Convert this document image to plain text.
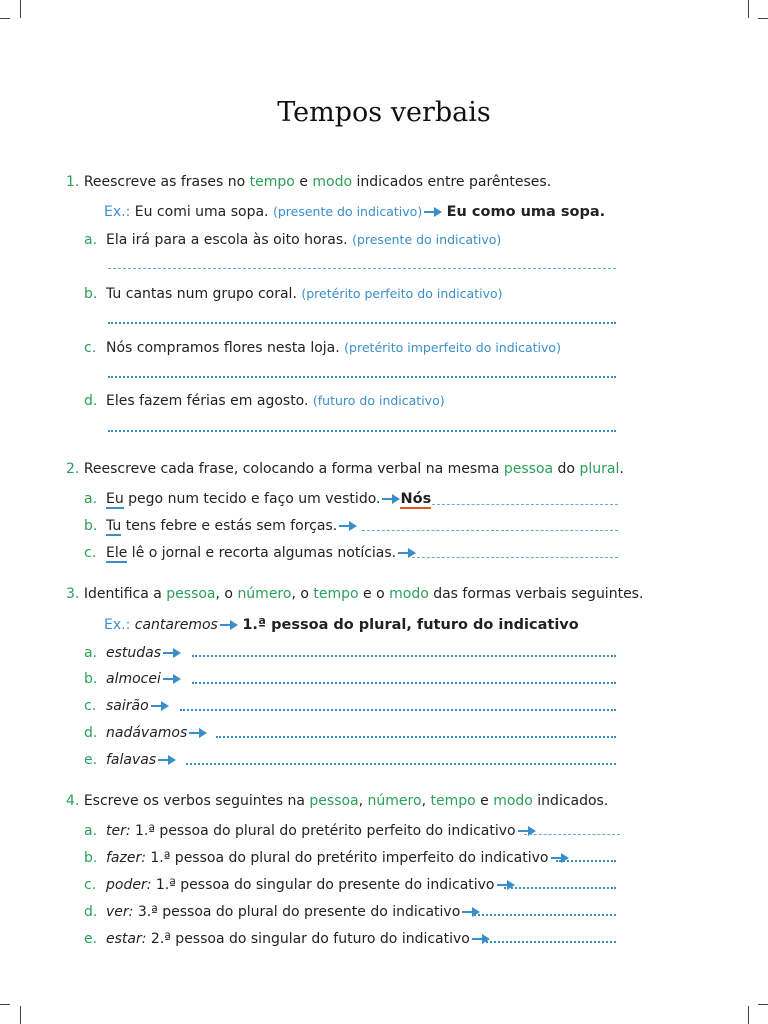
Tempos verbais
1. Reescreve as frases no tempo e modo indicados entre parênteses.
Ex.: Eu comi uma sopa. (presente do indicativo) Eu como uma sopa.
a. Ela irá para a escola às oito horas. (presente do indicativo)
b. Tu cantas num grupo coral. (pretérito perfeito do indicativo)
c. Nós compramos flores nesta loja. (pretérito imperfeito do indicativo)
d. Eles fazem férias em agosto. (futuro do indicativo)
2. Reescreve cada frase, colocando a forma verbal na mesma pessoa do plural.
a. Eu pego num tecido e faço um vestido. Nós
b. Tu tens febre e estás sem forças.
c. Ele lê o jornal e recorta algumas notícias.
3. Identifica a pessoa, o número, o tempo e o modo das formas verbais seguintes.
Ex.: cantaremos 1.ª pessoa do plural, futuro do indicativo
a. estudas
b. almocei
c. sairão
d. nadávamos
e. falavas
4. Escreve os verbos seguintes na pessoa, número, tempo e modo indicados.
a. ter: 1.ª pessoa do plural do pretérito perfeito do indicativo
b. fazer: 1.ª pessoa do plural do pretérito imperfeito do indicativo
c. poder: 1.ª pessoa do singular do presente do indicativo
d. ver: 3.ª pessoa do plural do presente do indicativo
e. estar: 2.ª pessoa do singular do futuro do indicativo
